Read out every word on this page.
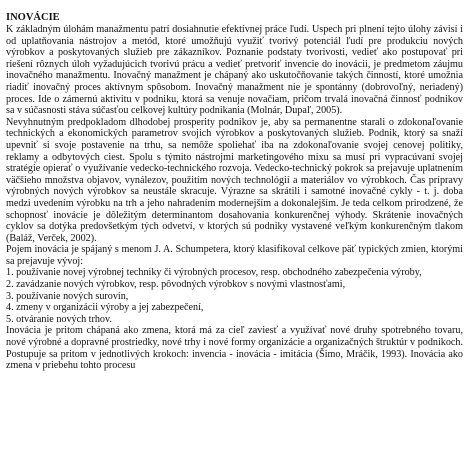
INOVÁCIE

K základným úlohám manažmentu patrí dosiahnutie efektívnej práce ľudí. Uspech pri plnení tejto úlohy závisí i od uplatňovania nástrojov a metód, ktoré umožňujú využiť tvorivý potenciál ľudí pre produkciu nových výrobkov a poskytovaných služieb pre zákazníkov. Poznanie podstaty tvorivosti, vedieť ako postupovať pri riešení rôznych úloh vyžadujúcich tvorivú prácu a vedieť pretvoriť invencie do inovácii, je predmetom záujmu inovačného manažmentu. Inovačný manažment je chápaný ako uskutočňovanie takých činností, ktoré umožnia riadiť inovačný proces aktívnym spôsobom. Inovačný manažment nie je spontánny (dobrovoľný, neriadený) proces. Ide o zámernú aktivitu v podniku, ktorá sa venuje novačiam, pričom trvalá inovačná činnosť podnikov sa v súčasnosti stáva súčasťou celkovej kultúry podnikania (Molnár, Dupaľ, 2005).

Nevyhnutným predpokladom dlhodobej prosperity podnikov je, aby sa permanentne starali o zdokonaľovanie technických a ekonomických parametrov svojich výrobkov a poskytovaných služieb. Podnik, ktorý sa snaží upevniť si svoje postavenie na trhu, sa nemôže spoliehať iba na zdokonaľovanie svojej cenovej politiky, reklamy a odbytových ciest. Spolu s týmito nástrojmi marketingového mixu sa musí pri vypracúvaní svojej stratégie opierať o využívanie vedecko-technického rozvoja. Vedecko-technický pokrok sa prejavuje uplatnením väčšieho množstva objavov, vynálezov, použitím nových technológií a materiálov vo výrobkoch. Čas prípravy výrobných nových výrobkov sa neustále skracuje. Výrazne sa skrátili i samotné inovačné cykly - t. j. doba medzi uvedením výrobku na trh a jeho nahradením modernejším a dokonalejším. Je teda celkom prirodzené, že schopnosť inovácie je dôležitým determinantom dosahovania konkurenčnej výhody. Skrátenie inovačných cyklov sa dotýka predovšetkým tých odvetví, v ktorých sú podniky vystavené veľkým konkurenčným tlakom (Baláž, Verček, 2002).

Pojem inovácia je spájaný s menom J. A. Schumpetera, ktorý klasifikoval celkove päť typických zmien, ktorými sa prejavuje vývoj:

1. používanie novej výrobnej techniky či výrobných procesov, resp. obchodného zabezpečenia výroby,
2. zavádzanie nových výrobkov, resp. pôvodných výrobkov s novými vlastnosťami,
3. používanie nových surovín,
4. zmeny v organizácii výroby a jej zabezpečení,
5. otváranie nových trhov.

Inovácia je pritom chápaná ako zmena, ktorá má za cieľ zaviesť a využívať nové druhy spotrebného tovaru, nové výrobné a dopravné prostriedky, nové trhy i nové formy organizácie a organizačných štruktúr v podnikoch. Postupuje sa pritom v jednotlivých krokoch: invencia - inovácia - imitácia (Šimo, Mráčik, 1993). Inovácia ako zmena v priebehu tohto procesu
